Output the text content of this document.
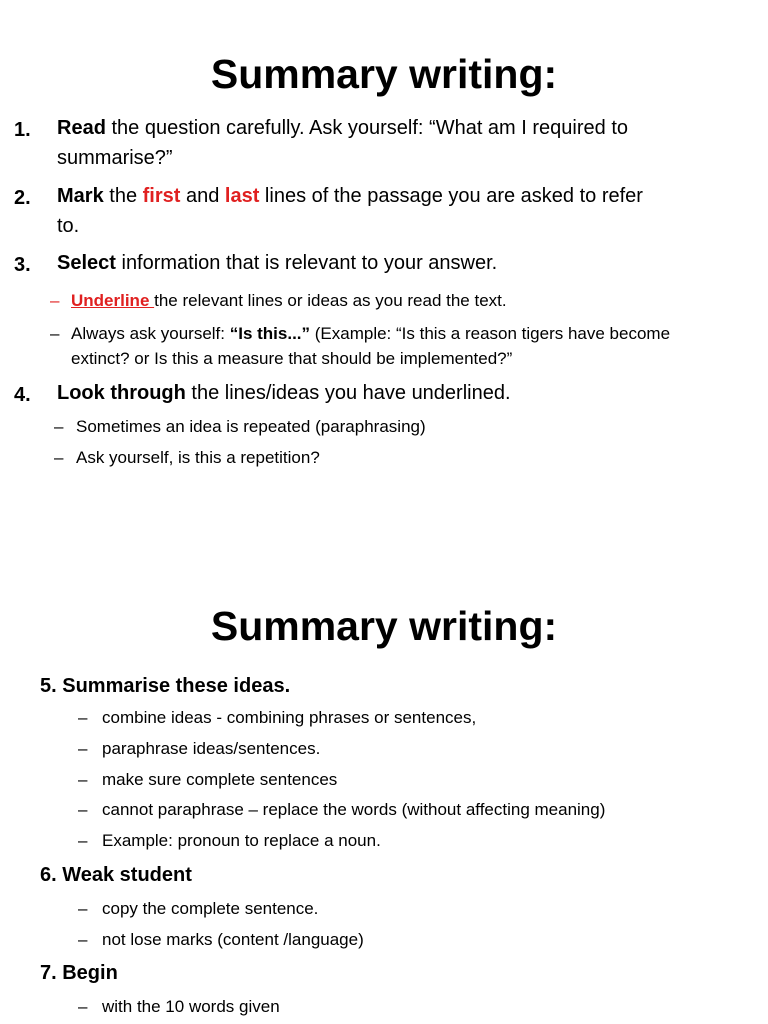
Summary writing:
1. Read the question carefully. Ask yourself: “What am I required to
summarise?”
2. Mark the first and last lines of the passage you are asked to refer
to.
3. Select information that is relevant to your answer.
– Underline the relevant lines or ideas as you read the text.
– Always ask yourself: “Is this...” (Example: “Is this a reason tigers have become
extinct? or Is this a measure that should be implemented?”
4. Look through the lines/ideas you have underlined.
– Sometimes an idea is repeated (paraphrasing)
– Ask yourself, is this a repetition?
Summary writing:
5. Summarise these ideas.
– combine ideas - combining phrases or sentences,
– paraphrase ideas/sentences.
– make sure complete sentences
– cannot paraphrase – replace the words (without affecting meaning)
– Example: pronoun to replace a noun.
6. Weak student
– copy the complete sentence.
– not lose marks (content /language)
7. Begin
– with the 10 words given
